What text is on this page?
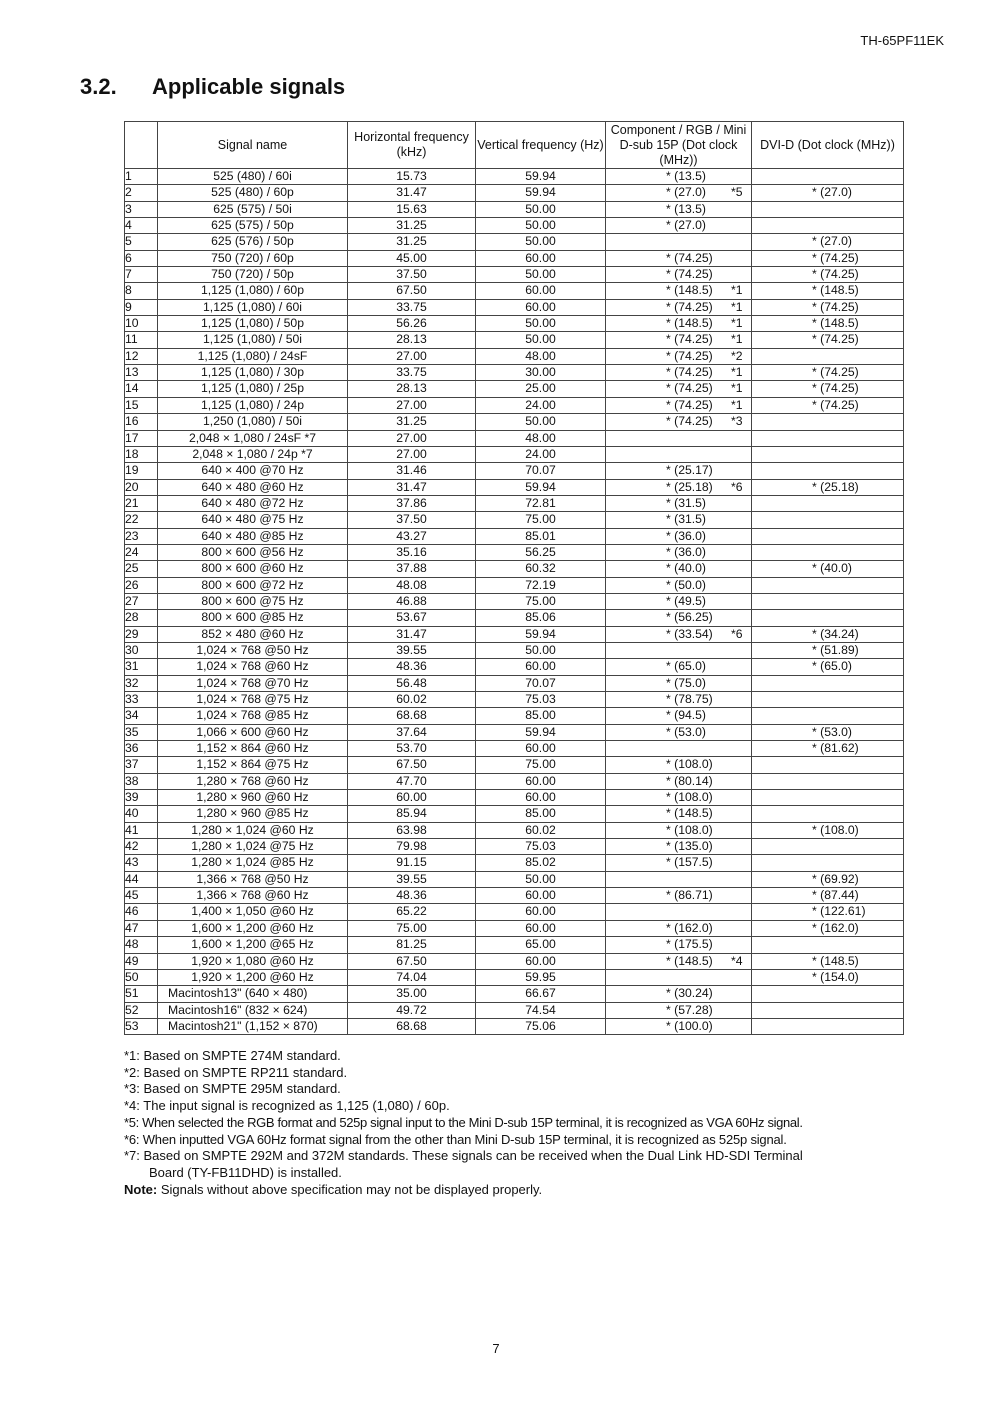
TH-65PF11EK
3.2. Applicable signals
	Signal name	Horizontal frequency (kHz)	Vertical frequency (Hz)	Component / RGB / Mini D-sub 15P (Dot clock (MHz))	DVI-D (Dot clock (MHz))
1	525 (480) / 60i	15.73	59.94	* (13.5)	

2	525 (480) / 60p	31.47	59.94	* (27.0) *5	* (27.0)

3	625 (575) / 50i	15.63	50.00	* (13.5)	

4	625 (575) / 50p	31.25	50.00	* (27.0)	

5	625 (576) / 50p	31.25	50.00		* (27.0)

6	750 (720) / 60p	45.00	60.00	* (74.25)	* (74.25)

7	750 (720) / 50p	37.50	50.00	* (74.25)	* (74.25)

8	1,125 (1,080) / 60p	67.50	60.00	* (148.5) *1	* (148.5)

9	1,125 (1,080) / 60i	33.75	60.00	* (74.25) *1	* (74.25)

10	1,125 (1,080) / 50p	56.26	50.00	* (148.5) *1	* (148.5)

11	1,125 (1,080) / 50i	28.13	50.00	* (74.25) *1	* (74.25)

12	1,125 (1,080) / 24sF	27.00	48.00	* (74.25) *2	

13	1,125 (1,080) / 30p	33.75	30.00	* (74.25) *1	* (74.25)

14	1,125 (1,080) / 25p	28.13	25.00	* (74.25) *1	* (74.25)

15	1,125 (1,080) / 24p	27.00	24.00	* (74.25) *1	* (74.25)

16	1,250 (1,080) / 50i	31.25	50.00	* (74.25) *3	

17	2,048 × 1,080 / 24sF *7	27.00	48.00	

18	2,048 × 1,080 / 24p *7	27.00	24.00	

19	640 × 400 @70 Hz	31.46	70.07	* (25.17)	

20	640 × 480 @60 Hz	31.47	59.94	* (25.18) *6	* (25.18)

21	640 × 480 @72 Hz	37.86	72.81	* (31.5)	

22	640 × 480 @75 Hz	37.50	75.00	* (31.5)	

23	640 × 480 @85 Hz	43.27	85.01	* (36.0)	

24	800 × 600 @56 Hz	35.16	56.25	* (36.0)	

25	800 × 600 @60 Hz	37.88	60.32	* (40.0)	* (40.0)

26	800 × 600 @72 Hz	48.08	72.19	* (50.0)	

27	800 × 600 @75 Hz	46.88	75.00	* (49.5)	

28	800 × 600 @85 Hz	53.67	85.06	* (56.25)	

29	852 × 480 @60 Hz	31.47	59.94	* (33.54) *6	* (34.24)

30	1,024 × 768 @50 Hz	39.55	50.00		* (51.89)

31	1,024 × 768 @60 Hz	48.36	60.00	* (65.0)	* (65.0)

32	1,024 × 768 @70 Hz	56.48	70.07	* (75.0)	

33	1,024 × 768 @75 Hz	60.02	75.03	* (78.75)	

34	1,024 × 768 @85 Hz	68.68	85.00	* (94.5)	

35	1,066 × 600 @60 Hz	37.64	59.94	* (53.0)	* (53.0)

36	1,152 × 864 @60 Hz	53.70	60.00		* (81.62)

37	1,152 × 864 @75 Hz	67.50	75.00	* (108.0)	

38	1,280 × 768 @60 Hz	47.70	60.00	* (80.14)	

39	1,280 × 960 @60 Hz	60.00	60.00	* (108.0)	

40	1,280 × 960 @85 Hz	85.94	85.00	* (148.5)	

41	1,280 × 1,024 @60 Hz	63.98	60.02	* (108.0)	* (108.0)

42	1,280 × 1,024 @75 Hz	79.98	75.03	* (135.0)	

43	1,280 × 1,024 @85 Hz	91.15	85.02	* (157.5)	

44	1,366 × 768 @50 Hz	39.55	50.00		* (69.92)

45	1,366 × 768 @60 Hz	48.36	60.00	* (86.71)	* (87.44)

46	1,400 × 1,050 @60 Hz	65.22	60.00		* (122.61)

47	1,600 × 1,200 @60 Hz	75.00	60.00	* (162.0)	* (162.0)

48	1,600 × 1,200 @65 Hz	81.25	65.00	* (175.5)	

49	1,920 × 1,080 @60 Hz	67.50	60.00	* (148.5) *4	* (148.5)

50	1,920 × 1,200 @60 Hz	74.04	59.95		* (154.0)

51	Macintosh13" (640 × 480)	35.00	66.67	* (30.24)	

52	Macintosh16" (832 × 624)	49.72	74.54	* (57.28)	

53	Macintosh21" (1,152 × 870)	68.68	75.06	* (100.0)	

*1: Based on SMPTE 274M standard.
*2: Based on SMPTE RP211 standard.
*3: Based on SMPTE 295M standard.
*4: The input signal is recognized as 1,125 (1,080) / 60p.
*5: When selected the RGB format and 525p signal input to the Mini D-sub 15P terminal, it is recognized as VGA 60Hz signal.
*6: When inputted VGA 60Hz format signal from the other than Mini D-sub 15P terminal, it is recognized as 525p signal.
*7: Based on SMPTE 292M and 372M standards. These signals can be received when the Dual Link HD-SDI Terminal
Board (TY-FB11DHD) is installed.
Note: Signals without above specification may not be displayed properly.
7
